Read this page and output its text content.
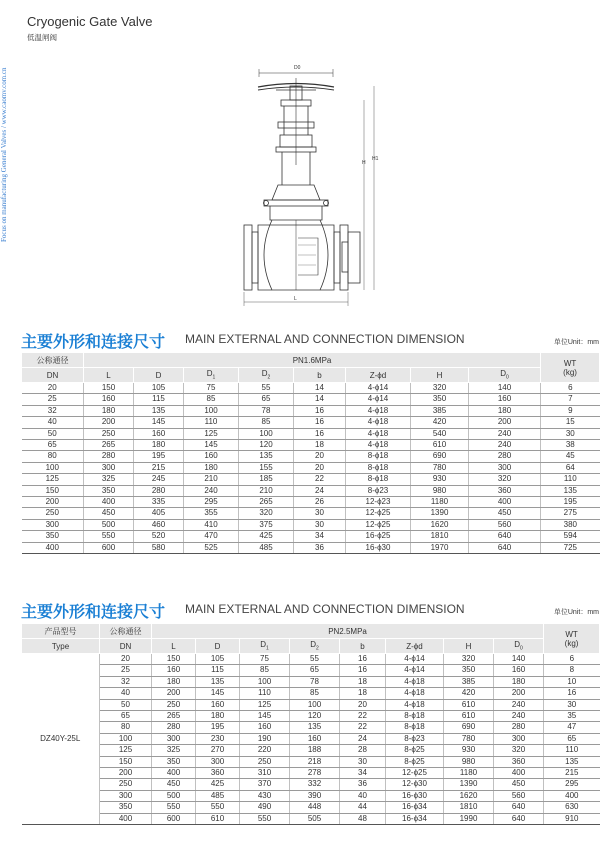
Focus on manufacturing General Valves / www.caomv.com.cn
Cryogenic Gate Valve
低温闸阀
D0
H
H1
L
主要外形和连接尺寸 MAIN EXTERNAL AND CONNECTION DIMENSION	单位Unit：mm
公称通径	PN1.6MPa								WT
(kg)
DN	L	D	$D_1$	$D_2$	b	Z-ϕd	H	$D_0$
20	150	105	75	55	14	4-ϕ14	320	140	6
25	160	115	85	65	14	4-ϕ14	350	160	7
32	180	135	100	78	16	4-ϕ18	385	180	9
40	200	145	110	85	16	4-ϕ18	420	200	15
50	250	160	125	100	16	4-ϕ18	540	240	30
65	265	180	145	120	18	4-ϕ18	610	240	38
80	280	195	160	135	20	8-ϕ18	690	280	45
100	300	215	180	155	20	8-ϕ18	780	300	64
125	325	245	210	185	22	8-ϕ18	930	320	110
150	350	280	240	210	24	8-ϕ23	980	360	135
200	400	335	295	265	26	12-ϕ23	1180	400	195
250	450	405	355	320	30	12-ϕ25	1390	450	275
300	500	460	410	375	30	12-ϕ25	1620	560	380
350	550	520	470	425	34	16-ϕ25	1810	640	594
400	600	580	525	485	36	16-ϕ30	1970	640	725
主要外形和连接尺寸 MAIN EXTERNAL AND CONNECTION DIMENSION	单位Unit：mm
产品型号	公称通径	PN2.5MPa								WT
(kg)
Type	DN	L	D	$D_1$	$D_2$	b	Z-ϕd	H	$D_0$
DZ40Y-25L	20	150	105	75	55	16	4-ϕ14	320	140	6
	25	160	115	85	65	16	4-ϕ14	350	160	8
	32	180	135	100	78	18	4-ϕ18	385	180	10
	40	200	145	110	85	18	4-ϕ18	420	200	16
	50	250	160	125	100	20	4-ϕ18	610	240	30
	65	265	180	145	120	22	8-ϕ18	610	240	35
	80	280	195	160	135	22	8-ϕ18	690	280	47
	100	300	230	190	160	24	8-ϕ23	780	300	65
	125	325	270	220	188	28	8-ϕ25	930	320	110
	150	350	300	250	218	30	8-ϕ25	980	360	135
	200	400	360	310	278	34	12-ϕ25	1180	400	215
	250	450	425	370	332	36	12-ϕ30	1390	450	295
	300	500	485	430	390	40	16-ϕ30	1620	560	400
	350	550	550	490	448	44	16-ϕ34	1810	640	630
	400	600	610	550	505	48	16-ϕ34	1990	640	910
